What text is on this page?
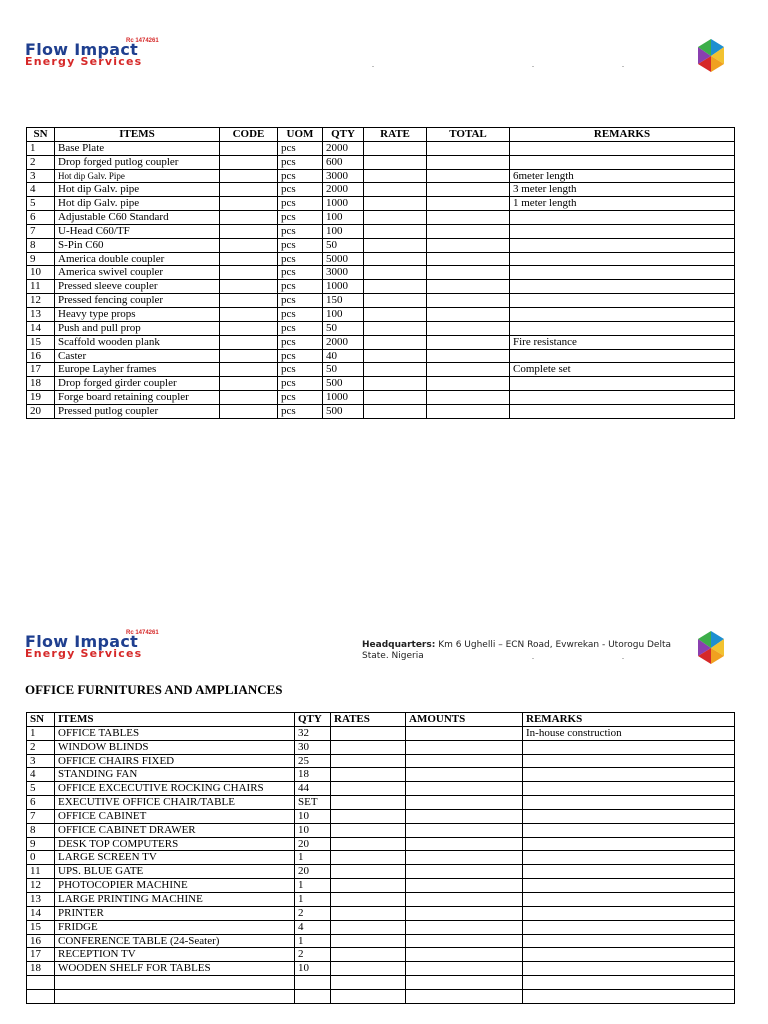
Rc 1474261
Flow Impact
Energy Services	.	.	.
SN	ITEMS	CODE	UOM	QTY	RATE	TOTAL	REMARKS
1	Base Plate		pcs	2000			
2	Drop forged putlog coupler		pcs	600			
3	Hot dip Galv. Pipe		pcs	3000			6meter length
4	Hot dip Galv. pipe		pcs	2000			3 meter length
5	Hot dip Galv. pipe		pcs	1000			1 meter length
6	Adjustable C60 Standard		pcs	100			
7	U-Head C60/TF		pcs	100			
8	S-Pin C60		pcs	50			
9	America double coupler		pcs	5000			
10	America swivel coupler		pcs	3000			
11	Pressed sleeve coupler		pcs	1000			
12	Pressed fencing coupler		pcs	150			
13	Heavy type props		pcs	100			
14	Push and pull prop		pcs	50			
15	Scaffold wooden plank		pcs	2000			Fire resistance
16	Caster		pcs	40			
17	Europe Layher frames		pcs	50			Complete set
18	Drop forged girder coupler		pcs	500			
19	Forge board retaining coupler		pcs	1000			
20	Pressed putlog coupler		pcs	500			
Rc 1474261
Flow Impact
Energy Services
Headquarters: Km 6 Ughelli – ECN Road, Evwrekan - Utorogu Delta State. Nigeria	.	.
OFFICE FURNITURES AND AMPLIANCES
SN	ITEMS	QTY	RATES	AMOUNTS	REMARKS
1	OFFICE TABLES	32			In-house construction
2	WINDOW BLINDS	30			
3	OFFICE CHAIRS FIXED	25			
4	STANDING FAN	18			
5	OFFICE EXCECUTIVE ROCKING CHAIRS	44			
6	EXECUTIVE OFFICE CHAIR/TABLE	SET			
7	OFFICE CABINET	10			
8	OFFICE CABINET DRAWER	10			
9	DESK TOP COMPUTERS	20			
0	LARGE SCREEN TV	1			
11	UPS. BLUE GATE	20			
12	PHOTOCOPIER MACHINE	1			
13	LARGE PRINTING MACHINE	1			
14	PRINTER	2			
15	FRIDGE	4			
16	CONFERENCE TABLE (24-Seater)	1			
17	RECEPTION TV	2			
18	WOODEN SHELF FOR TABLES	10			
